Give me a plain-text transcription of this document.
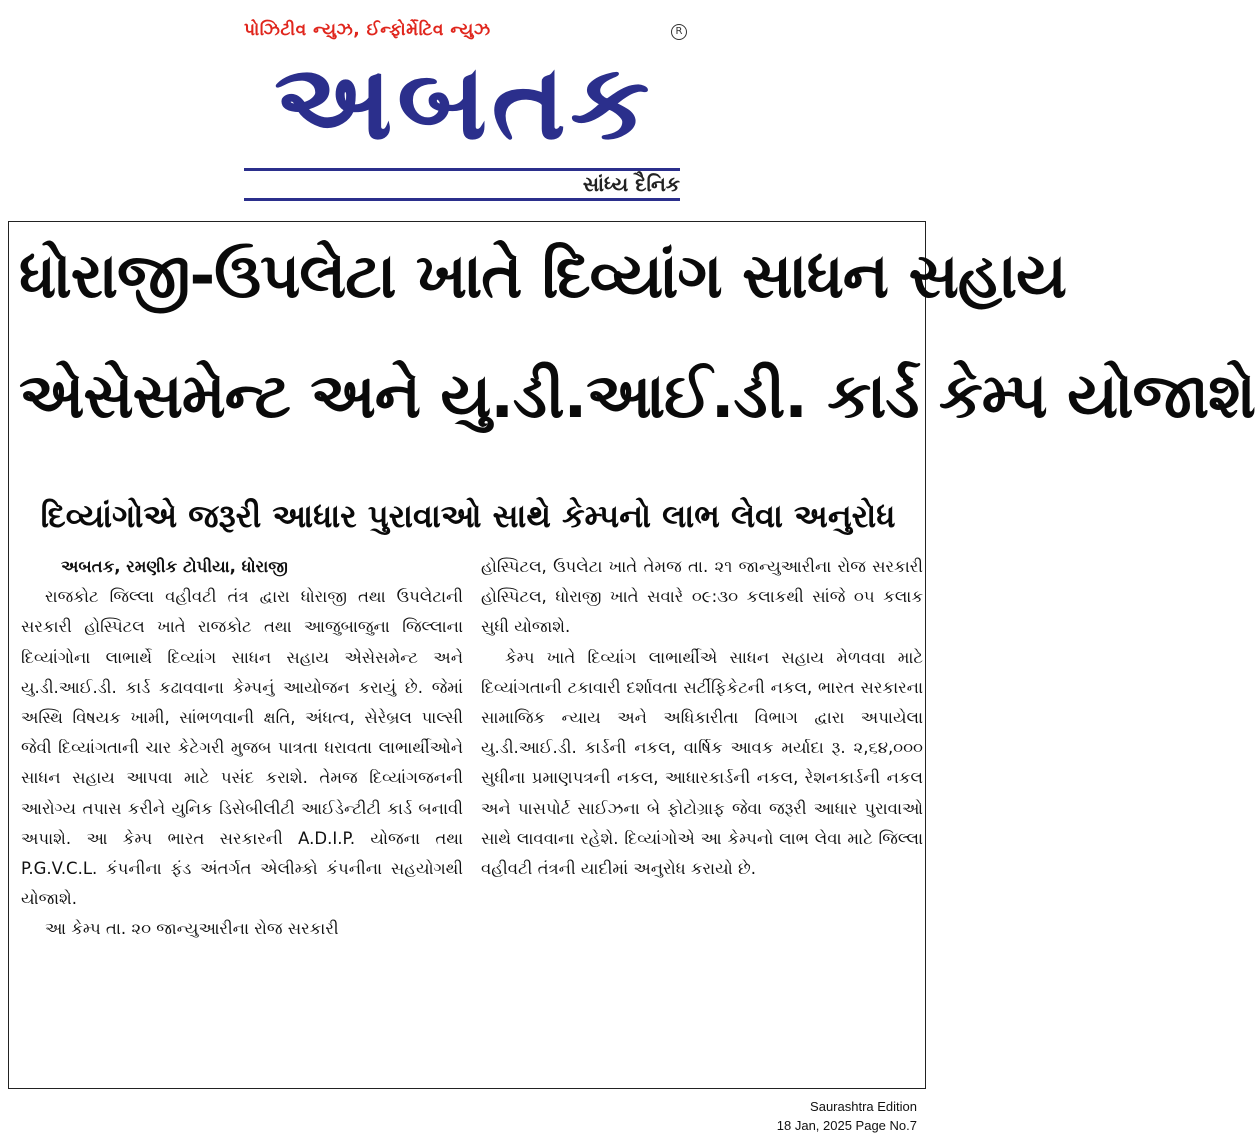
પોઝિટીવ ન્યુઝ, ઈન્ફોર્મેટિવ ન્યુઝ	R
અબતક
સાંધ્ય દૈનિક
ધોરાજી-ઉપલેટા ખાતે દિવ્યાંગ સાધન સહાય
એસેસમેન્ટ અને યુ.ડી.આઈ.ડી. કાર્ડ કેમ્પ યોજાશે
દિવ્યાંગોએ જરૂરી આધાર પુરાવાઓ સાથે કેમ્પનો લાભ લેવા અનુરોધ

અબતક, રમણીક ટોપીયા, ધોરાજી

રાજકોટ જિલ્લા વહીવટી તંત્ર દ્વારા ધોરાજી તથા ઉપલેટાની સરકારી હોસ્પિટલ ખાતે રાજકોટ તથા આજુબાજુના જિલ્લાના દિવ્યાંગોના લાભાર્થે દિવ્યાંગ સાધન સહાય એસેસમેન્ટ અને યુ.ડી.આઈ.ડી. કાર્ડ કઢાવવાના કેમ્પનું આયોજન કરાયું છે. જેમાં અસ્થિ વિષયક ખામી, સાંભળવાની ક્ષતિ, અંધત્વ, સેરેબ્રલ પાલ્સી જેવી દિવ્યાંગતાની ચાર કેટેગરી મુજબ પાત્રતા ધરાવતા લાભાર્થીઓને સાધન સહાય આપવા માટે પસંદ કરાશે. તેમજ દિવ્યાંગજનની આરોગ્ય તપાસ કરીને યુનિક ડિસેબીલીટી આઈડેન્ટીટી કાર્ડ બનાવી અપાશે. આ કેમ્પ ભારત સરકારની A.D.I.P. યોજના તથા P.G.V.C.L. કંપનીના ફંડ અંતર્ગત એલીમ્કો કંપનીના સહયોગથી યોજાશે.

આ કેમ્પ તા. ૨૦ જાન્યુઆરીના રોજ સરકારી

હોસ્પિટલ, ઉપલેટા ખાતે તેમજ તા. ૨૧ જાન્યુઆરીના રોજ સરકારી હોસ્પિટલ, ધોરાજી ખાતે સવારે ૦૯:૩૦ કલાકથી સાંજે ૦૫ કલાક સુધી યોજાશે.

કેમ્પ ખાતે દિવ્યાંગ લાભાર્થીએ સાધન સહાય મેળવવા માટે દિવ્યાંગતાની ટકાવારી દર્શાવતા સર્ટીફિકેટની નકલ, ભારત સરકારના સામાજિક ન્યાય અને અધિકારીતા વિભાગ દ્વારા અપાયેલા યુ.ડી.આઈ.ડી. કાર્ડની નકલ, વાર્ષિક આવક મર્યાદા રૂ. ૨,૬૪,૦૦૦ સુધીના પ્રમાણપત્રની નકલ, આધારકાર્ડની નકલ, રેશનકાર્ડની નકલ અને પાસપોર્ટ સાઈઝના બે ફોટોગ્રાફ જેવા જરૂરી આધાર પુરાવાઓ સાથે લાવવાના રહેશે. દિવ્યાંગોએ આ કેમ્પનો લાભ લેવા માટે જિલ્લા વહીવટી તંત્રની યાદીમાં અનુરોધ કરાયો છે.

Saurashtra Edition
18 Jan, 2025 Page No.7
